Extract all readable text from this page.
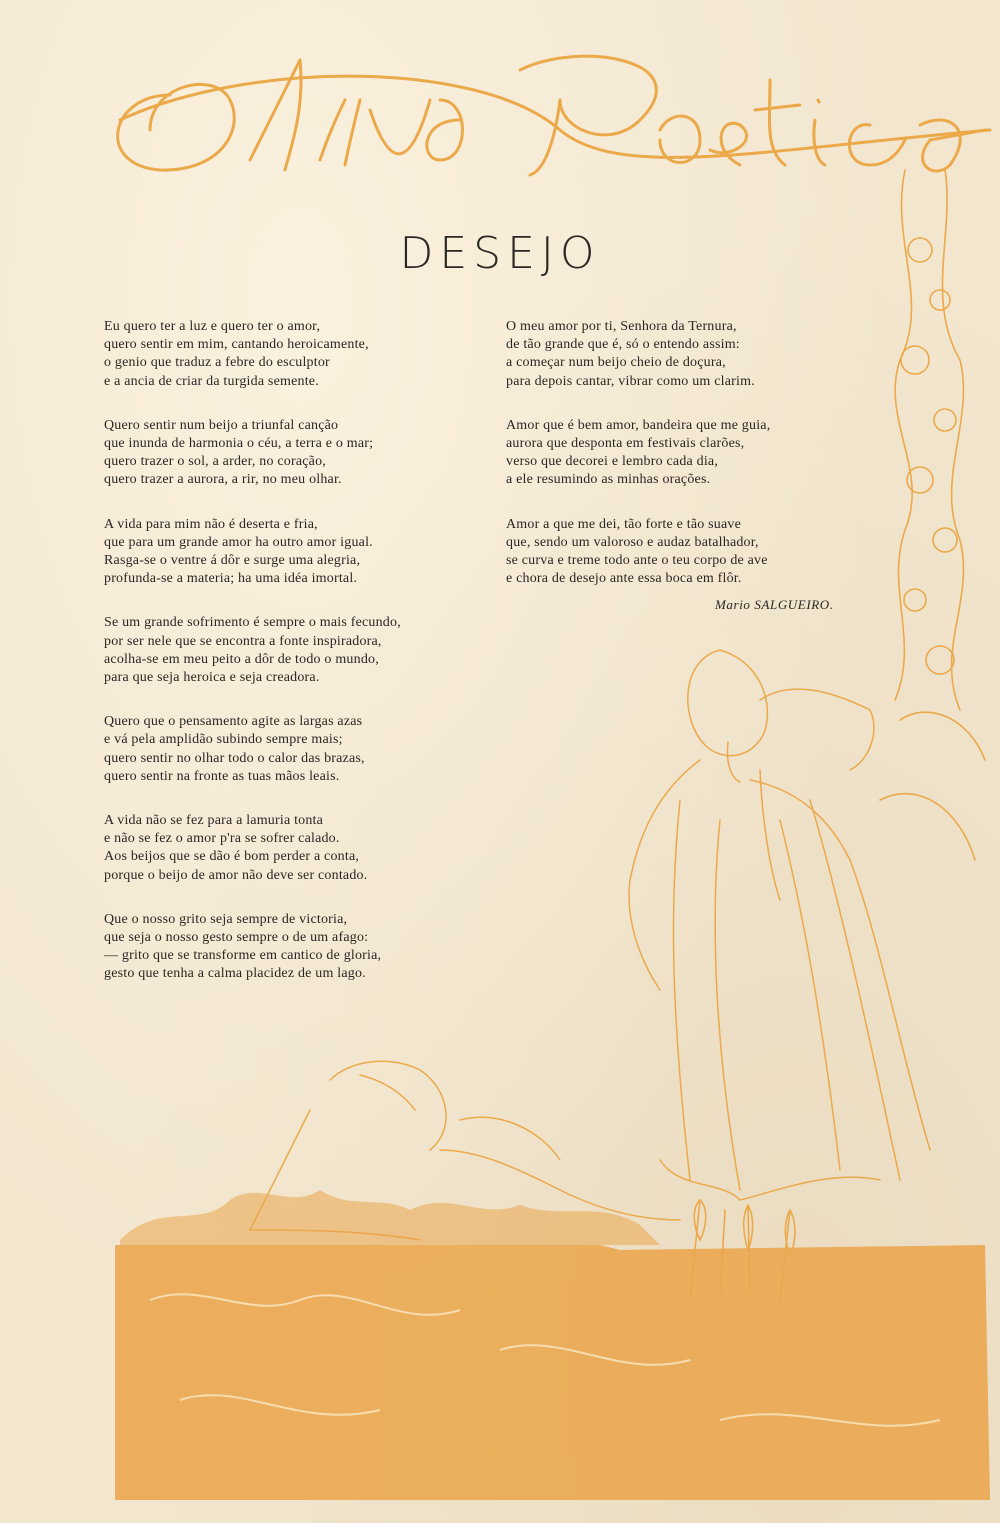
DESEJO
Eu quero ter a luz e quero ter o amor,
quero sentir em mim, cantando heroicamente,
o genio que traduz a febre do esculptor
e a ancia de criar da turgida semente.
Quero sentir num beijo a triunfal canção
que inunda de harmonia o céu, a terra e o mar;
quero trazer o sol, a arder, no coração,
quero trazer a aurora, a rir, no meu olhar.
A vida para mim não é deserta e fria,
que para um grande amor ha outro amor igual.
Rasga-se o ventre á dôr e surge uma alegria,
profunda-se a materia; ha uma idéa imortal.
Se um grande sofrimento é sempre o mais fecundo,
por ser nele que se encontra a fonte inspiradora,
acolha-se em meu peito a dôr de todo o mundo,
para que seja heroica e seja creadora.
Quero que o pensamento agite as largas azas
e vá pela amplidão subindo sempre mais;
quero sentir no olhar todo o calor das brazas,
quero sentir na fronte as tuas mãos leais.
A vida não se fez para a lamuria tonta
e não se fez o amor p'ra se sofrer calado.
Aos beijos que se dão é bom perder a conta,
porque o beijo de amor não deve ser contado.
Que o nosso grito seja sempre de victoria,
que seja o nosso gesto sempre o de um afago:
— grito que se transforme em cantico de gloria,
gesto que tenha a calma placidez de um lago.
O meu amor por ti, Senhora da Ternura,
de tão grande que é, só o entendo assim:
a começar num beijo cheio de doçura,
para depois cantar, vibrar como um clarim.
Amor que é bem amor, bandeira que me guia,
aurora que desponta em festivais clarões,
verso que decorei e lembro cada dia,
a ele resumindo as minhas orações.
Amor a que me dei, tão forte e tão suave
que, sendo um valoroso e audaz batalhador,
se curva e treme todo ante o teu corpo de ave
e chora de desejo ante essa boca em flôr.
Mario SALGUEIRO.
